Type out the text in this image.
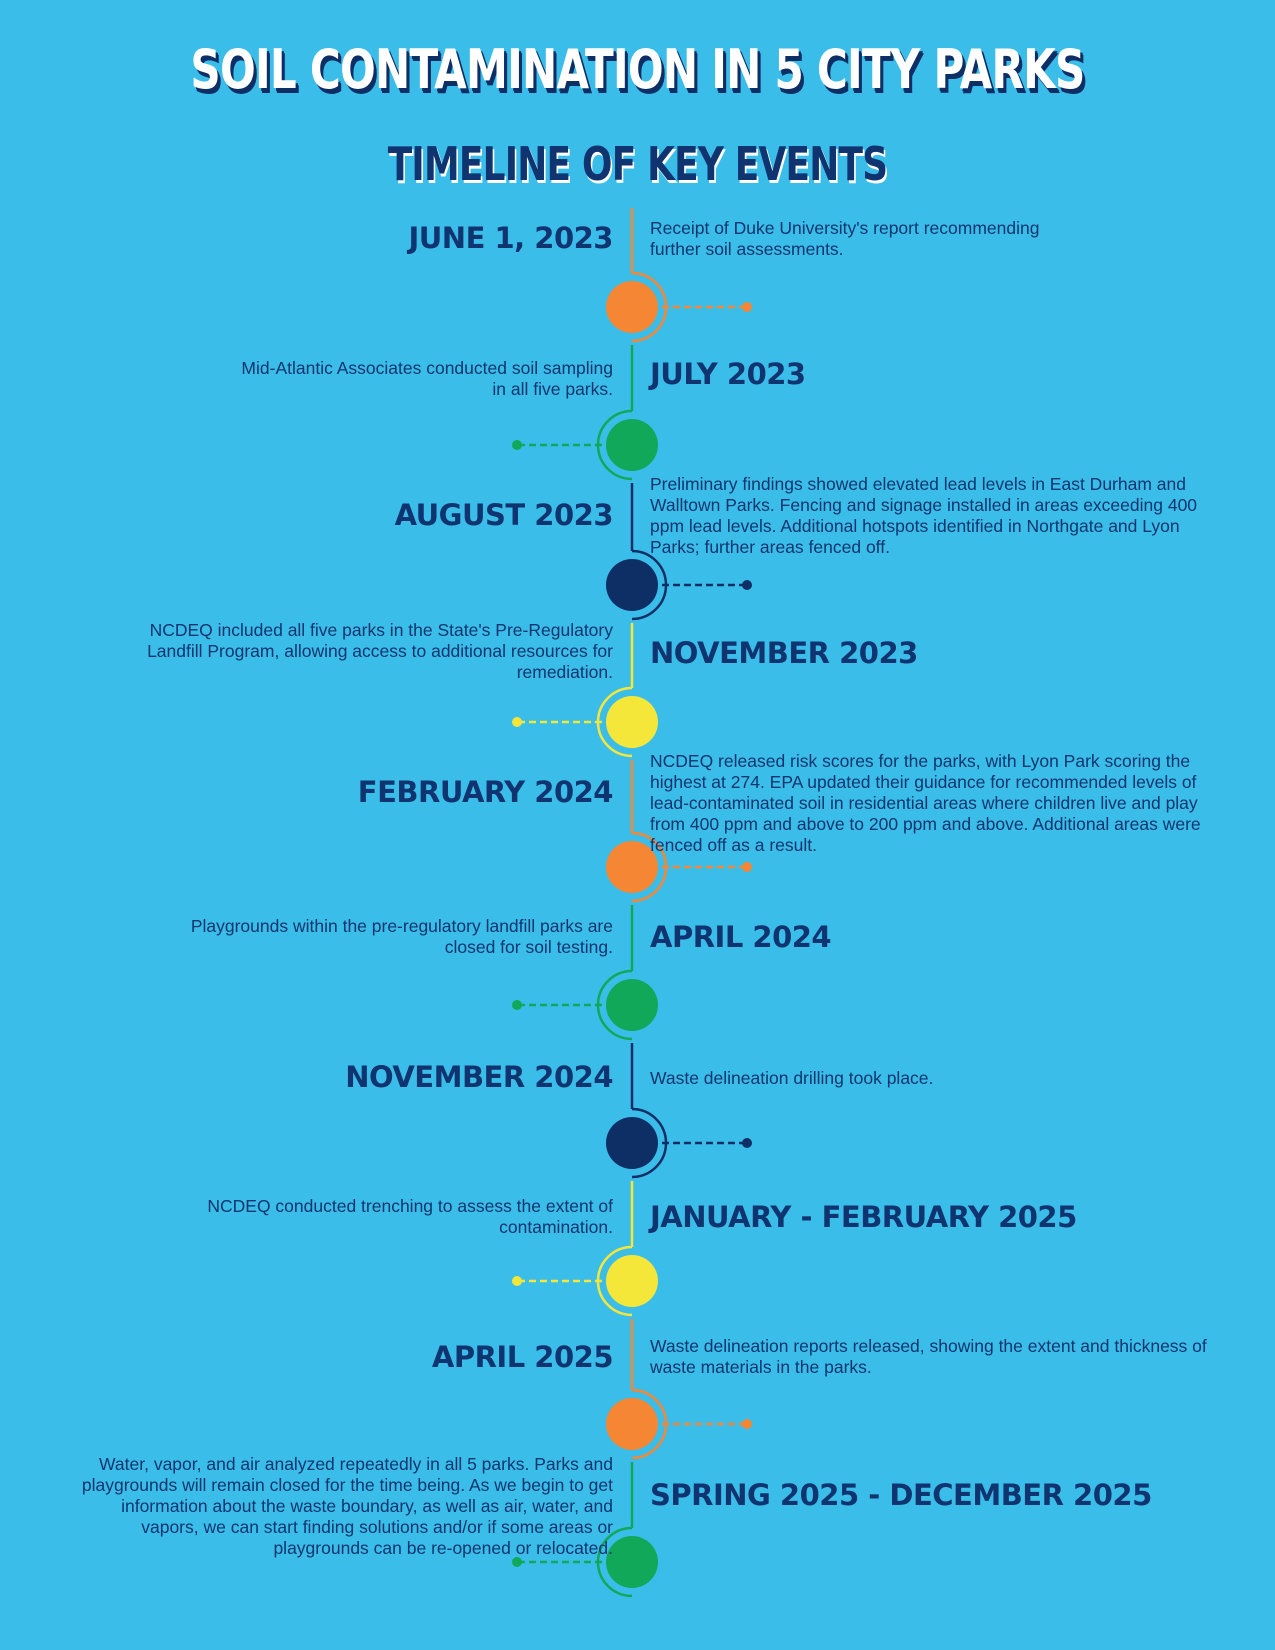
SOIL CONTAMINATION IN 5 CITY PARKS
TIMELINE OF KEY EVENTS
JUNE 1, 2023 Receipt of Duke University's report recommending further soil assessments.
Mid-Atlantic Associates conducted soil sampling in all five parks. JULY 2023
AUGUST 2023
Preliminary findings showed elevated lead levels in East Durham and Walltown Parks. Fencing and signage installed in areas exceeding 400 ppm lead levels. Additional hotspots identified in Northgate and Lyon Parks; further areas fenced off.
NCDEQ included all five parks in the State's Pre-Regulatory Landfill Program, allowing access to additional resources for remediation.
NOVEMBER 2023
FEBRUARY 2024
NCDEQ released risk scores for the parks, with Lyon Park scoring the highest at 274. EPA updated their guidance for recommended levels of lead-contaminated soil in residential areas where children live and play from 400 ppm and above to 200 ppm and above. Additional areas were fenced off as a result.
Playgrounds within the pre-regulatory landfill parks are closed for soil testing. APRIL 2024
NOVEMBER 2024 Waste delineation drilling took place.
NCDEQ conducted trenching to assess the extent of contamination. JANUARY - FEBRUARY 2025
APRIL 2025 Waste delineation reports released, showing the extent and thickness of waste materials in the parks.
Water, vapor, and air analyzed repeatedly in all 5 parks. Parks and playgrounds will remain closed for the time being. As we begin to get information about the waste boundary, as well as air, water, and vapors, we can start finding solutions and/or if some areas or playgrounds can be re-opened or relocated.
SPRING 2025 - DECEMBER 2025
